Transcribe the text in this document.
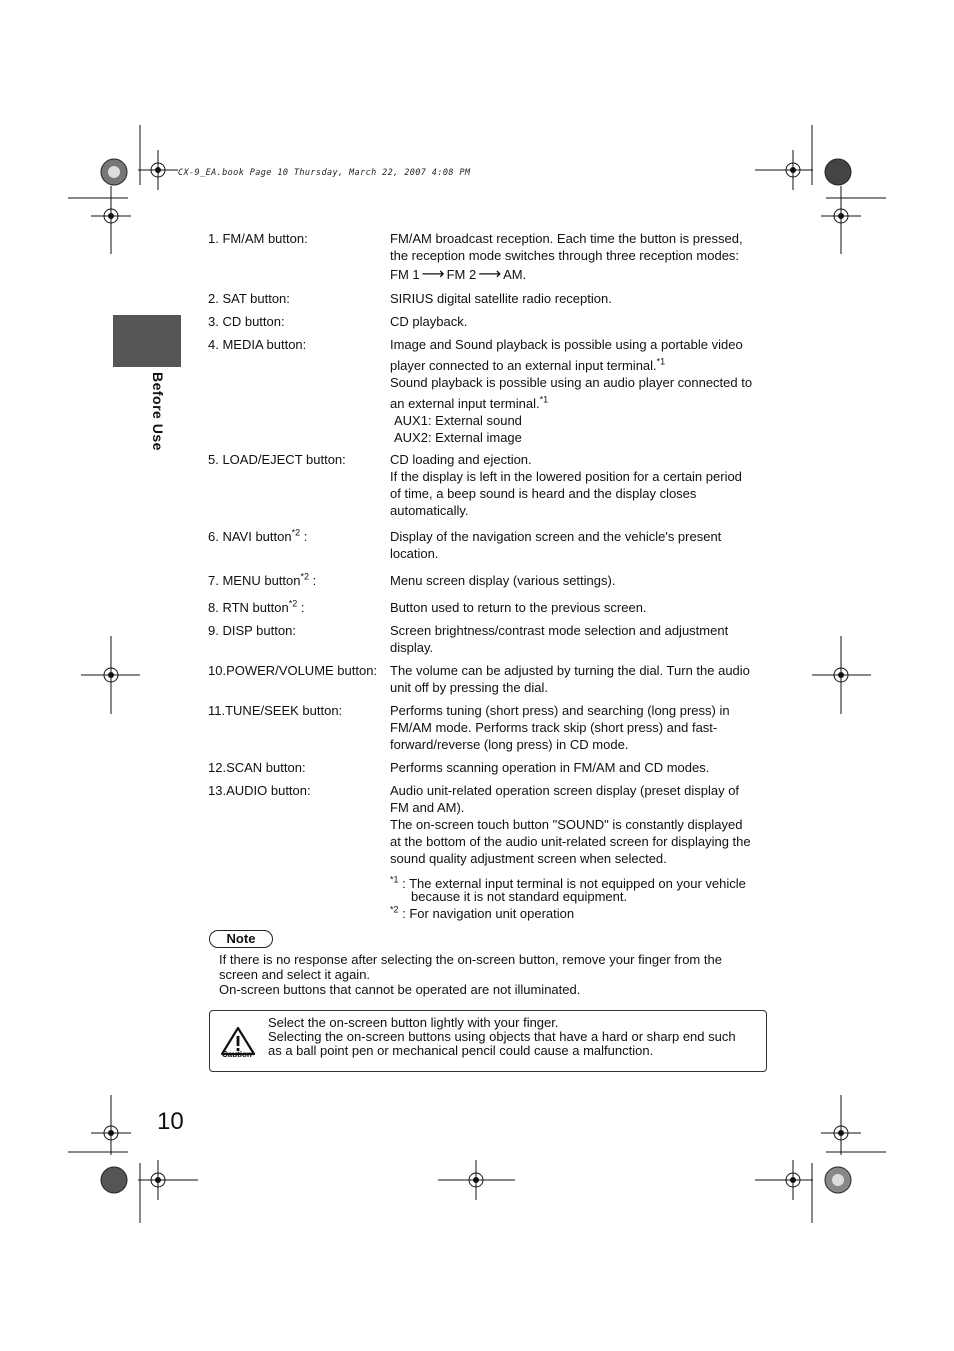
CX-9_EA.book Page 10 Thursday, March 22, 2007 4:08 PM
Before Use
1. FM/AM button:	FM/AM broadcast reception. Each time the button is pressed,
the reception mode switches through three reception modes:
FM 1 ⟶ FM 2 ⟶ AM.
2. SAT button:	SIRIUS digital satellite radio reception.
3. CD button:	CD playback.
4. MEDIA button:	Image and Sound playback is possible using a portable video
player connected to an external input terminal.$^{*1}$
Sound playback is possible using an audio player connected to
an external input terminal.$^{*1}$
AUX1: External sound
AUX2: External image
5. LOAD/EJECT button:	CD loading and ejection.
If the display is left in the lowered position for a certain period
of time, a beep sound is heard and the display closes
automatically.
6. NAVI button$^{*2}$ :	Display of the navigation screen and the vehicle's present
location.
7. MENU button$^{*2}$ :	Menu screen display (various settings).
8. RTN button$^{*2}$ :	Button used to return to the previous screen.
9. DISP button:	Screen brightness/contrast mode selection and adjustment
display.
10.POWER/VOLUME button: The volume can be adjusted by turning the dial. Turn the audio
unit off by pressing the dial.
11.TUNE/SEEK button:	Performs tuning (short press) and searching (long press) in
FM/AM mode. Performs track skip (short press) and fast-
forward/reverse (long press) in CD mode.
12.SCAN button:	Performs scanning operation in FM/AM and CD modes.
13.AUDIO button:	Audio unit-related operation screen display (preset display of
FM and AM).
The on-screen touch button "SOUND" is constantly displayed
at the bottom of the audio unit-related screen for displaying the
sound quality adjustment screen when selected.
$^{*1}$ : The external input terminal is not equipped on your vehicle
because it is not standard equipment.
$^{*2}$ : For navigation unit operation
Note
If there is no response after selecting the on-screen button, remove your finger from the
screen and select it again.
On-screen buttons that cannot be operated are not illuminated.
Caution
Select the on-screen button lightly with your finger.
Selecting the on-screen buttons using objects that have a hard or sharp end such
as a ball point pen or mechanical pencil could cause a malfunction.
10
